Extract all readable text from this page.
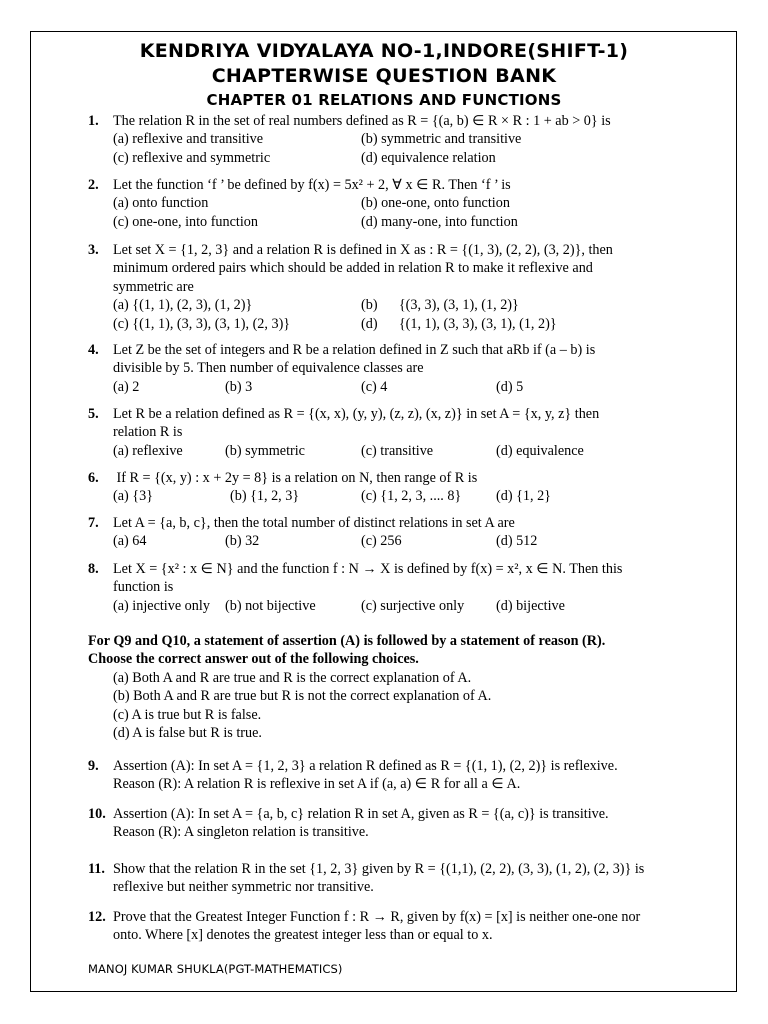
KENDRIYA VIDYALAYA NO-1,INDORE(SHIFT-1)
CHAPTERWISE QUESTION BANK
CHAPTER 01 RELATIONS AND FUNCTIONS
1. The relation R in the set of real numbers defined as R = {(a, b) ∈ R × R : 1 + ab > 0} is
(a) reflexive and transitive	(b) symmetric and transitive
(c) reflexive and symmetric	(d) equivalence relation
2. Let the function ‘f ’ be defined by f(x) = 5x² + 2, ∀ x ∈ R. Then ‘f ’ is
(a) onto function	(b) one-one, onto function
(c) one-one, into function	(d) many-one, into function
3. Let set X = {1, 2, 3} and a relation R is defined in X as : R = {(1, 3), (2, 2), (3, 2)}, then
minimum ordered pairs which should be added in relation R to make it reflexive and
symmetric are
(a) {(1, 1), (2, 3), (1, 2)}	(b)      {(3, 3), (3, 1), (1, 2)}
(c) {(1, 1), (3, 3), (3, 1), (2, 3)}	(d)      {(1, 1), (3, 3), (3, 1), (1, 2)}
4. Let Z be the set of integers and R be a relation defined in Z such that aRb if (a – b) is
divisible by 5. Then number of equivalence classes are
(a) 2	(b) 3	(c) 4	(d) 5
5. Let R be a relation defined as R = {(x, x), (y, y), (z, z), (x, z)} in set A = {x, y, z} then
relation R is
(a) reflexive	(b) symmetric	(c) transitive	(d) equivalence
6. If R = {(x, y) : x + 2y = 8} is a relation on N, then range of R is
(a) {3}	(b) {1, 2, 3}	(c) {1, 2, 3, .... 8} (d) {1, 2}
7. Let A = {a, b, c}, then the total number of distinct relations in set A are
(a) 64	(b) 32	(c) 256	(d) 512
8. Let X = {x² : x ∈ N} and the function f : N → X is defined by f(x) = x², x ∈ N. Then this
function is
(a) injective only (b) not bijective	(c) surjective only (d) bijective
For Q9 and Q10, a statement of assertion (A) is followed by a statement of reason (R).
Choose the correct answer out of the following choices.
(a) Both A and R are true and R is the correct explanation of A.
(b) Both A and R are true but R is not the correct explanation of A.
(c) A is true but R is false.
(d) A is false but R is true.
9. Assertion (A): In set A = {1, 2, 3} a relation R defined as R = {(1, 1), (2, 2)} is reflexive.
Reason (R): A relation R is reflexive in set A if (a, a) ∈ R for all a ∈ A.
10. Assertion (A): In set A = {a, b, c} relation R in set A, given as R = {(a, c)} is transitive.
Reason (R): A singleton relation is transitive.
11. Show that the relation R in the set {1, 2, 3} given by R = {(1,1), (2, 2), (3, 3), (1, 2), (2, 3)} is
reflexive but neither symmetric nor transitive.
12. Prove that the Greatest Integer Function f : R → R, given by f(x) = [x] is neither one-one nor
onto. Where [x] denotes the greatest integer less than or equal to x.
MANOJ KUMAR SHUKLA(PGT-MATHEMATICS)
